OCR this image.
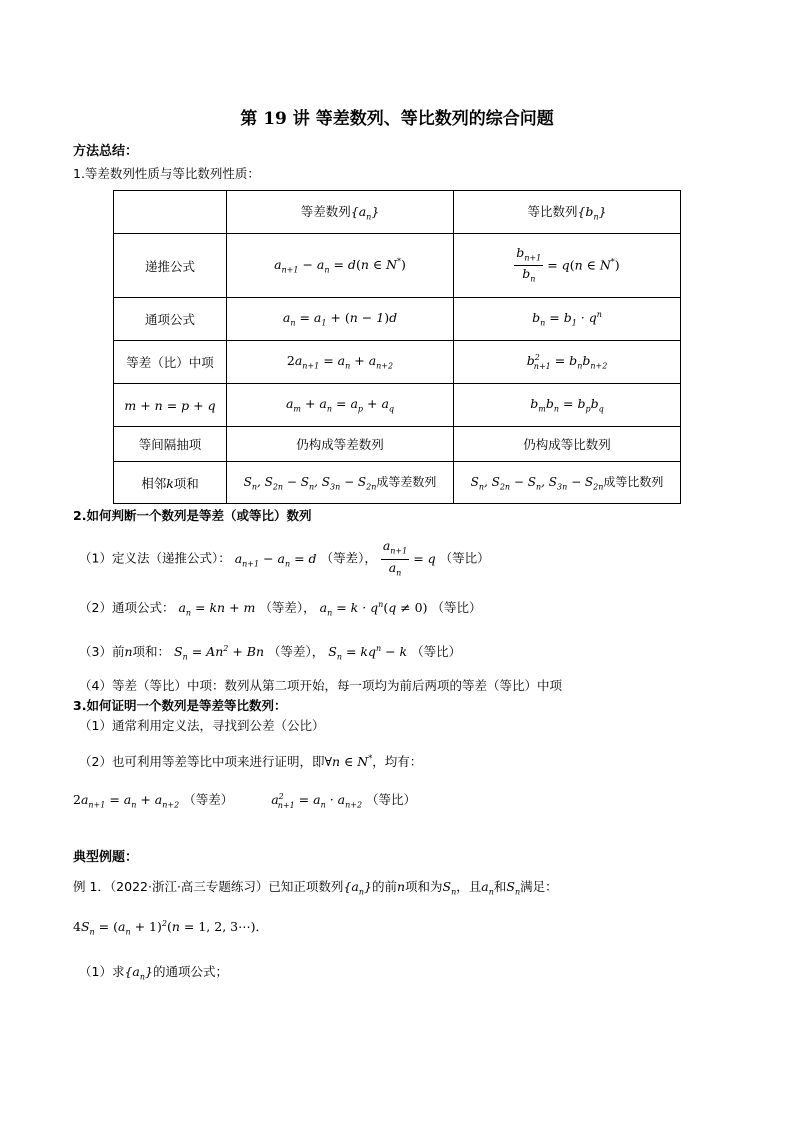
第 19 讲 等差数列、等比数列的综合问题
方法总结：
1.等差数列性质与等比数列性质：
	等差数列$\{a_n\}$	等比数列$\{b_n\}$
递推公式	$a_{n+1} - a_n = d(n$ ∈ N*)	$\frac{b_{n+1}}{b_n} = q(n$ ∈ N*)
通项公式	$a_n = a_1 + (n - 1)d$	$b_n = b_1 \cdot q^n$
等差（比）中项	$2a_{n+1} = a_n + a_{n+2}$	$b^2_{n+1} = b_nb_{n+2}$
m + n = p + q	$a_m + a_n = a_p + a_q$	$b_mb_n = b_pb_q$
等间隔抽项	仍构成等差数列	仍构成等比数列
相邻k项和	$S_n$, $S_{2n} - S_n$, $S_{3n} - S_{2n}$成等差数列	$S_n$, $S_{2n} - S_n$, $S_{3n} - S_{2n}$成等比数列
2.如何判断一个数列是等差（或等比）数列
（1）定义法（递推公式）： $a_{n+1} - a_n = d$ （等差）， $\frac{a_{n+1}}{a_n} = q$ （等比）
（2）通项公式： $a_n$ = kn + m （等差）， $a_n = k \cdot q^n(q \ne 0)$ （等比）
（3）前n项和： $S_n = An^2 + Bn$ （等差）， $S_n = kq^n - k$ （等比）
（4）等差（等比）中项：数列从第二项开始，每一项均为前后两项的等差（等比）中项
3.如何证明一个数列是等差等比数列：
（1）通常利用定义法，寻找到公差（公比）
（2）也可利用等差等比中项来进行证明，即∀n ∈ N*，均有：
$2a_{n+1} = a_n + a_{n+2}$ （等差）	$a^2_{n+1} = a_n \cdot a_{n+2}$ （等比）
典型例题：
例 1．（2022·浙江·高三专题练习）已知正项数列$\{a_n\}$的前n项和为$S_n$，且$a_n$和$S_n$满足：
$4S_n = (a_n + 1)^2(n = 1$, 2, 3⋯)．
（1）求$\{a_n\}$的通项公式；
